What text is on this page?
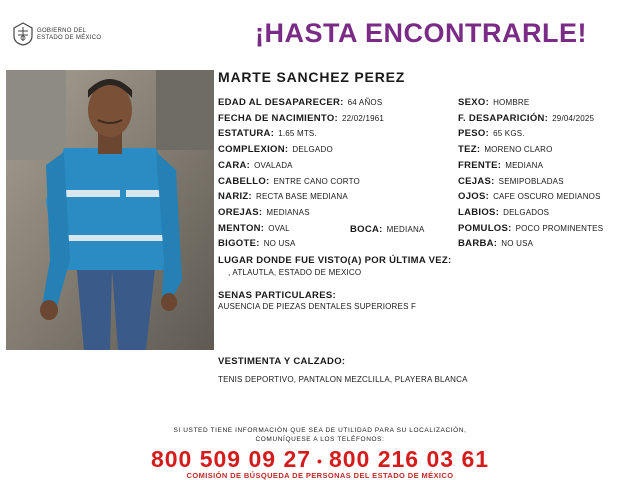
GOBIERNO DEL
ESTADO DE MÉXICO	¡HASTA ENCONTRARLE!
MARTE SANCHEZ PEREZ
EDAD AL DESAPARECER: 64 AÑOS
FECHA DE NACIMIENTO: 22/02/1961
ESTATURA: 1.65 MTS.
COMPLEXION: DELGADO
CARA: OVALADA
CABELLO: ENTRE CANO CORTO
NARIZ: RECTA BASE MEDIANA
OREJAS: MEDIANAS
MENTON: OVAL
BIGOTE: NO USA
BOCA: MEDIANA
SEXO: HOMBRE
F. DESAPARICIÓN: 29/04/2025
PESO: 65 KGS.
TEZ: MORENO CLARO
FRENTE: MEDIANA
CEJAS: SEMIPOBLADAS
OJOS: CAFE OSCURO MEDIANOS
LABIOS: DELGADOS
POMULOS: POCO PROMINENTES
BARBA: NO USA
LUGAR DONDE FUE VISTO(A) POR ÚLTIMA VEZ:
, ATLAUTLA, ESTADO DE MEXICO
SENAS PARTICULARES:
AUSENCIA DE PIEZAS DENTALES SUPERIORES F
VESTIMENTA Y CALZADO:
TENIS DEPORTIVO, PANTALON MEZCLILLA, PLAYERA BLANCA
SI USTED TIENE INFORMACIÓN QUE SEA DE UTILIDAD PARA SU LOCALIZACIÓN,
COMUNÍQUESE A LOS TELÉFONOS:
800 509 09 27 • 800 216 03 61
COMISIÓN DE BÚSQUEDA DE PERSONAS DEL ESTADO DE MÉXICO
